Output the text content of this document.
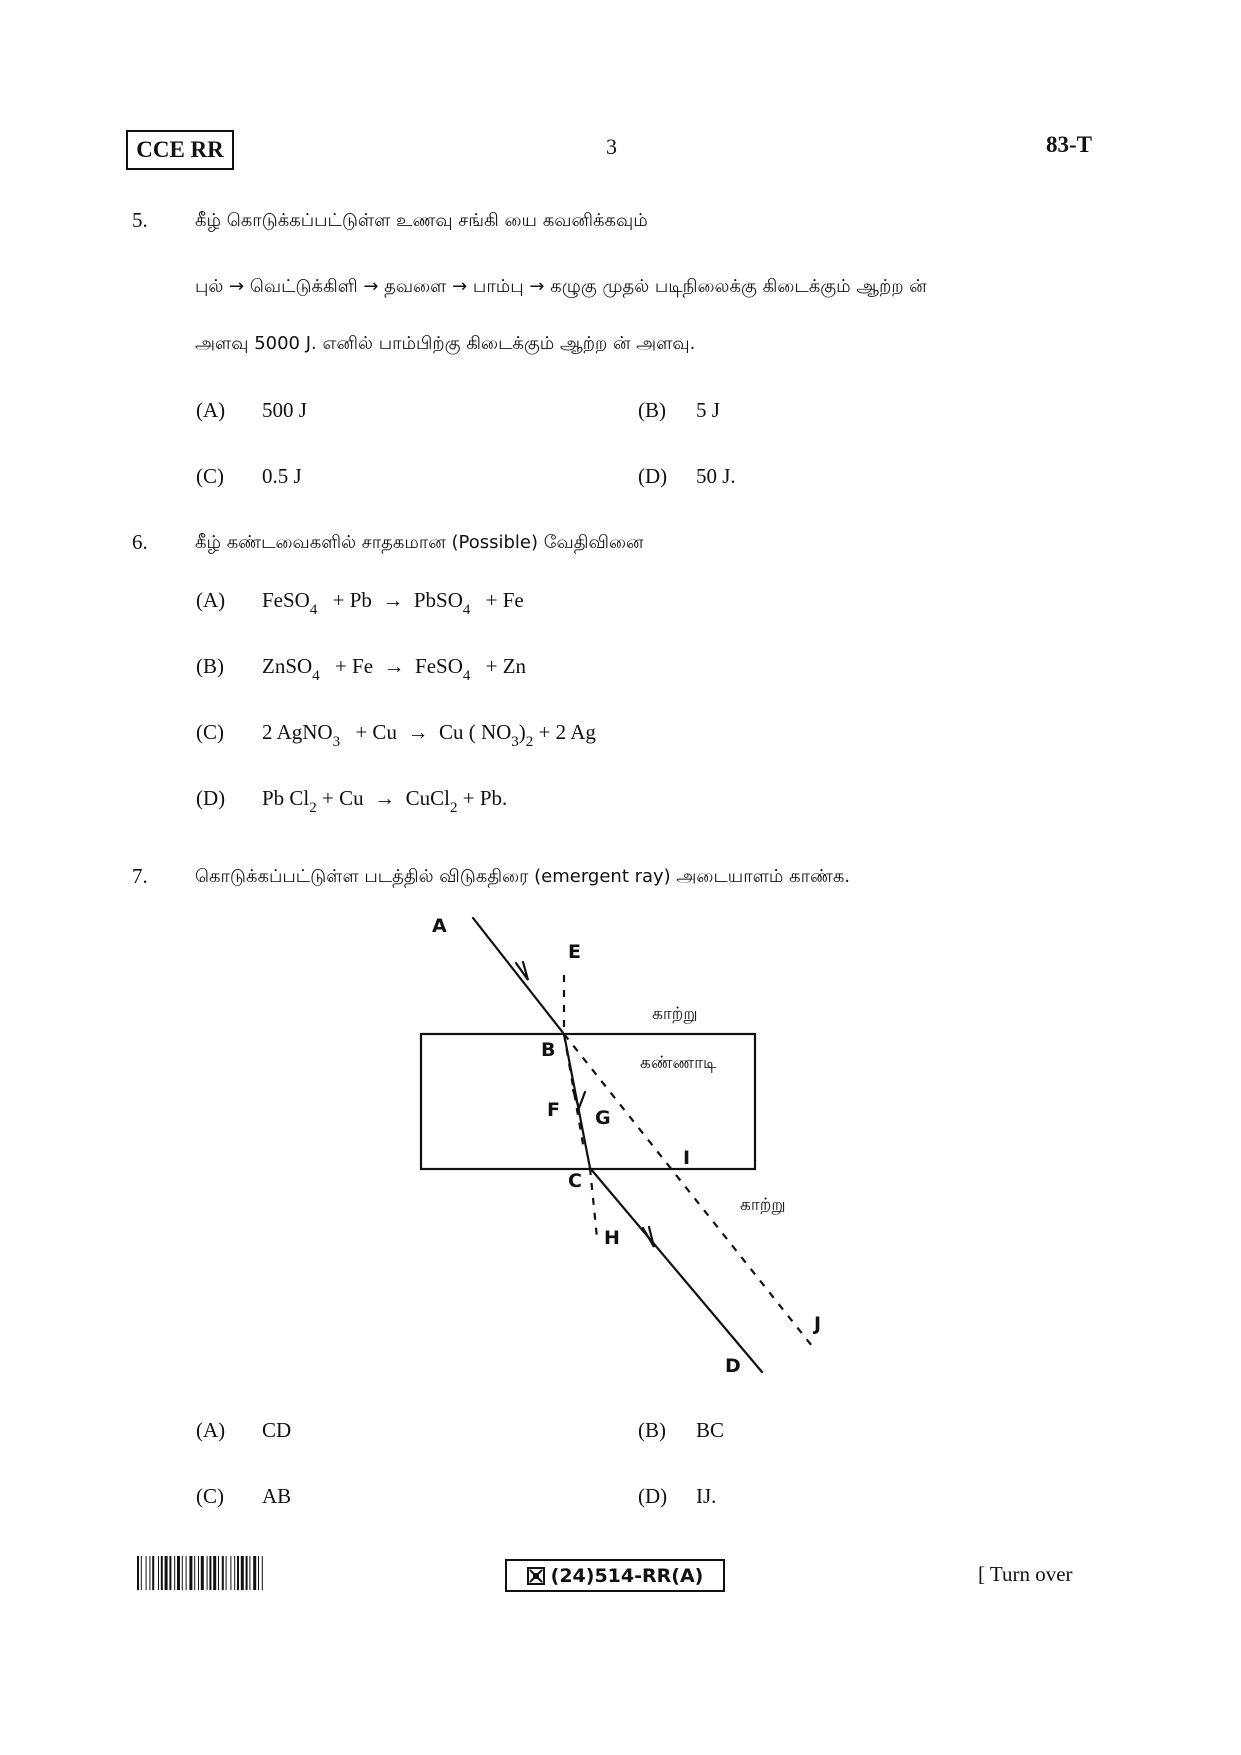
CCE RR	3	83-T
5.	கீழ் கொடுக்கப்பட்டுள்ள உணவு சங்கி யை கவனிக்கவும்
புல் → வெட்டுக்கிளி → தவளை → பாம்பு → கழுகு முதல் படிநிலைக்கு கிடைக்கும் ஆற்ற ன்
அளவு 5000 J. எனில் பாம்பிற்கு கிடைக்கும் ஆற்ற ன் அளவு.
(A) 500 J	(B) 5 J
(C) 0.5 J	(D) 50 J.
6.	கீழ் கண்டவைகளில் சாதகமான (Possible) வேதிவினை
(A) FeSO$_4$ + Pb  →  PbSO$_4$ + Fe
(B) ZnSO$_4$ + Fe  →  FeSO$_4$ + Zn
(C) 2 AgNO$_3$ + Cu  →  Cu ( $NO_3)_2 + 2$ Ag
(D) Pb $Cl_2 + Cu$  →  CuCl$_2$ + Pb.
7.	கொடுக்கப்பட்டுள்ள படத்தில் விடுகதிரை (emergent ray) அடையாளம் காண்க.
A
E
B
F G
I
C
H
J
D
காற்று
கண்ணாடி
காற்று
(A) CD	(B) BC
(C) AB	(D) IJ.
(24)514-RR(A)	[ Turn over
